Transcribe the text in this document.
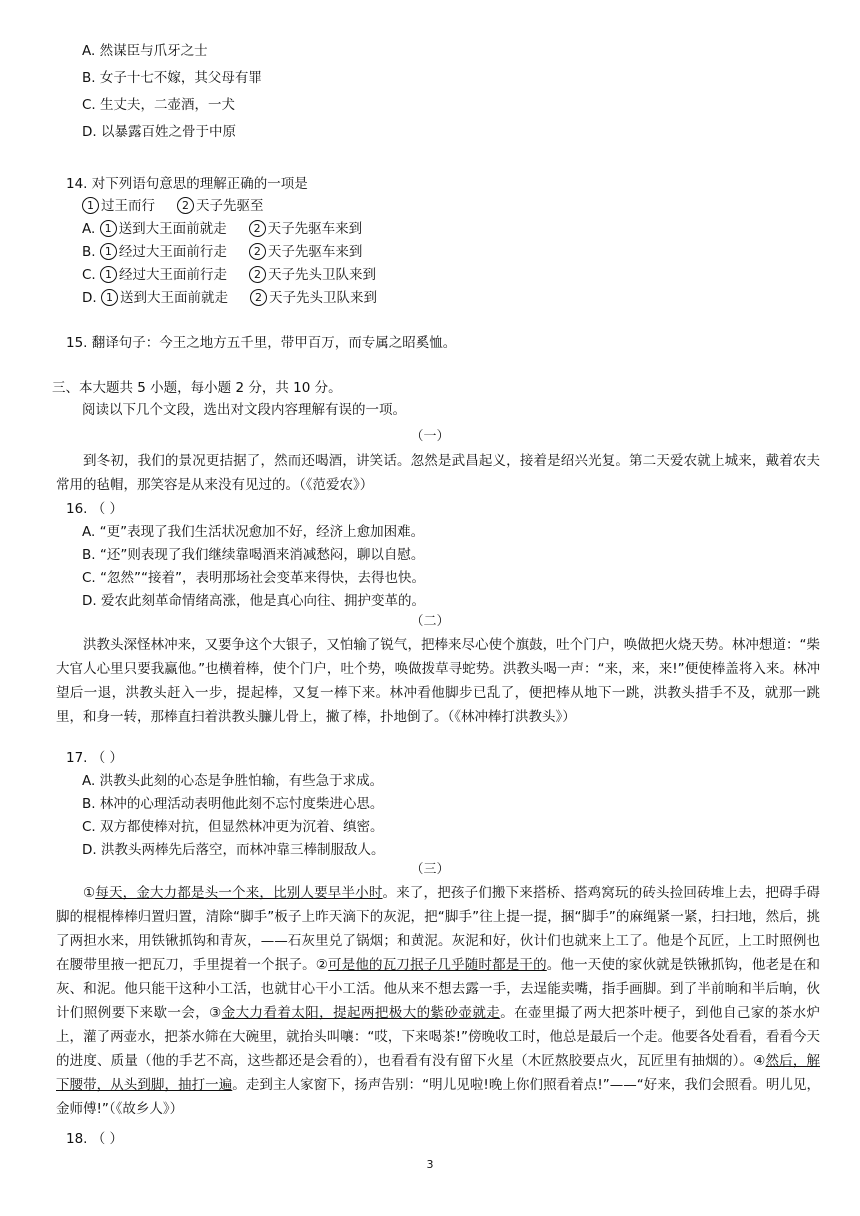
A. 然谋臣与爪牙之士
B. 女子十七不嫁，其父母有罪
C. 生丈夫，二壶酒，一犬
D. 以暴露百姓之骨于中原
14. 对下列语句意思的理解正确的一项是
1 过王而行 2 天子先驱至
A. 1 送到大王面前就走 2 天子先驱车来到
B. 1 经过大王面前行走 2 天子先驱车来到
C. 1 经过大王面前行走 2 天子先头卫队来到
D. 1 送到大王面前就走 2 天子先头卫队来到
15. 翻译句子：今王之地方五千里，带甲百万，而专属之昭奚恤。
三、本大题共 5 小题，每小题 2 分，共 10 分。
阅读以下几个文段，选出对文段内容理解有误的一项。
（一）
到冬初，我们的景况更拮据了，然而还喝酒，讲笑话。忽然是武昌起义，接着是绍兴光复。第二天爱农就上城来，戴着农夫常用的毡帽，那笑容是从来没有见过的。（《范爱农》）
16. （ ）
A. “更”表现了我们生活状况愈加不好，经济上愈加困难。
B. “还”则表现了我们继续靠喝酒来消减愁闷，聊以自慰。
C. “忽然”“接着”，表明那场社会变革来得快，去得也快。
D. 爱农此刻革命情绪高涨，他是真心向往、拥护变革的。
（二）
洪教头深怪林冲来，又要争这个大银子，又怕输了锐气，把棒来尽心使个旗鼓，吐个门户，唤做把火烧天势。林冲想道：“柴大官人心里只要我赢他。”也横着棒，使个门户，吐个势，唤做拨草寻蛇势。洪教头喝一声：“来，来，来!”便使棒盖将入来。林冲望后一退，洪教头赶入一步，提起棒，又复一棒下来。林冲看他脚步已乱了，便把棒从地下一跳，洪教头措手不及，就那一跳里，和身一转，那棒直扫着洪教头臁儿骨上，撇了棒，扑地倒了。（《林冲棒打洪教头》）
17. （ ）
A. 洪教头此刻的心态是争胜怕输，有些急于求成。
B. 林冲的心理活动表明他此刻不忘忖度柴进心思。
C. 双方都使棒对抗，但显然林冲更为沉着、缜密。
D. 洪教头两棒先后落空，而林冲靠三棒制服敌人。
（三）
①每天，金大力都是头一个来，比别人要早半小时。来了，把孩子们搬下来搭桥、搭鸡窝玩的砖头捡回砖堆上去，把碍手碍脚的棍棍棒棒归置归置，清除“脚手”板子上昨天滴下的灰泥，把“脚手”往上提一提，捆“脚手”的麻绳紧一紧，扫扫地，然后，挑了两担水来，用铁锹抓钩和青灰，——石灰里兑了锅烟；和黄泥。灰泥和好，伙计们也就来上工了。他是个瓦匠，上工时照例也在腰带里掖一把瓦刀，手里提着一个抿子。②可是他的瓦刀抿子几乎随时都是干的。他一天使的家伙就是铁锹抓钩，他老是在和灰、和泥。他只能干这种小工活，也就甘心干小工活。他从来不想去露一手，去逞能卖嘴，指手画脚。到了半前晌和半后晌，伙计们照例要下来歇一会，③金大力看着太阳，提起两把极大的紫砂壶就走。在壶里撮了两大把茶叶梗子，到他自己家的茶水炉上，灌了两壶水，把茶水筛在大碗里，就抬头叫嚷：“哎，下来喝茶!”傍晚收工时，他总是最后一个走。他要各处看看，看看今天的进度、质量（他的手艺不高，这些都还是会看的），也看看有没有留下火星（木匠熬胶要点火，瓦匠里有抽烟的）。④然后，解下腰带，从头到脚，抽打一遍。走到主人家窗下，扬声告别：“明儿见啦!晚上你们照看着点!”——“好来，我们会照看。明儿见，金师傅!”（《故乡人》）
18. （ ）
3
